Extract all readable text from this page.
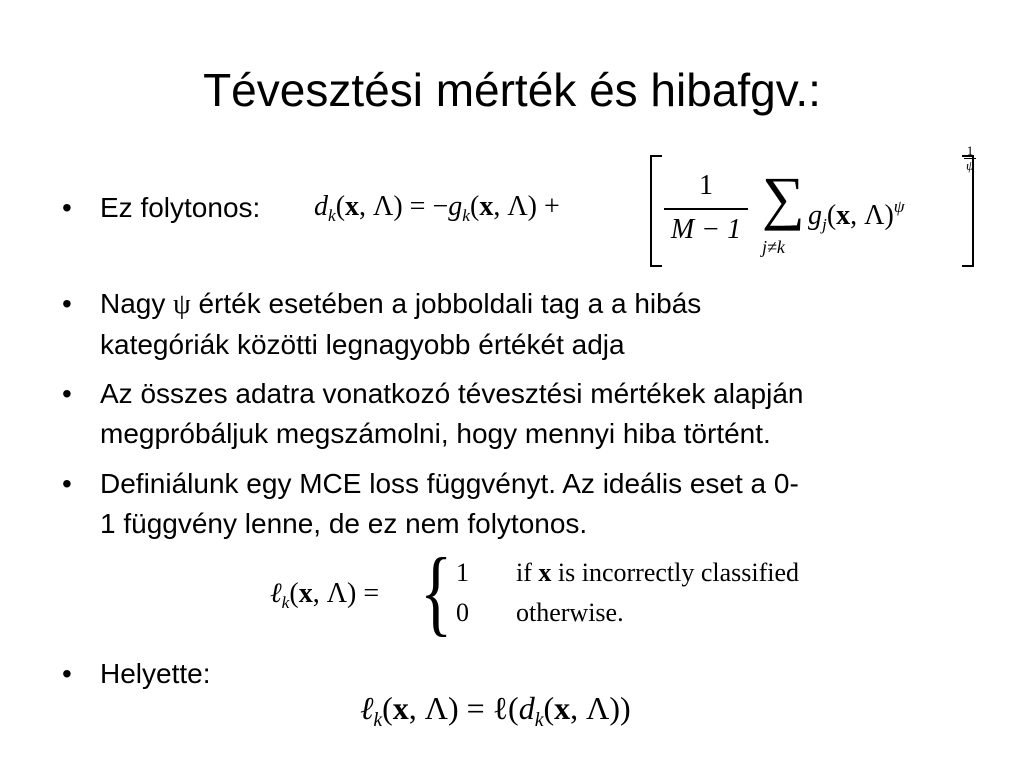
Tévesztési mérték és hibafgv.:
• Ez folytonos: $d_k(x$, $\Lambda) = -g_k(x$, Λ) +
1
M − 1 ∑
j≠k
$g_j(x$, Λ)$^\psi$
1
ψ
• Nagy ψ érték esetében a jobboldali tag a a hibás
kategóriák közötti legnagyobb értékét adja
• Az összes adatra vonatkozó tévesztési mértékek alapján
megpróbáljuk megszámolni, hogy mennyi hiba történt.
• Definiálunk egy MCE loss függvényt. Az ideális eset a 0-
1 függvény lenne, de ez nem folytonos.
ℓ$_k$(x, Λ) = { 1 if x is incorrectly classified
0 otherwise.
• Helyette:
ℓ$_k$(x, $\Lambda) = \ell(d_k(x$, Λ))
